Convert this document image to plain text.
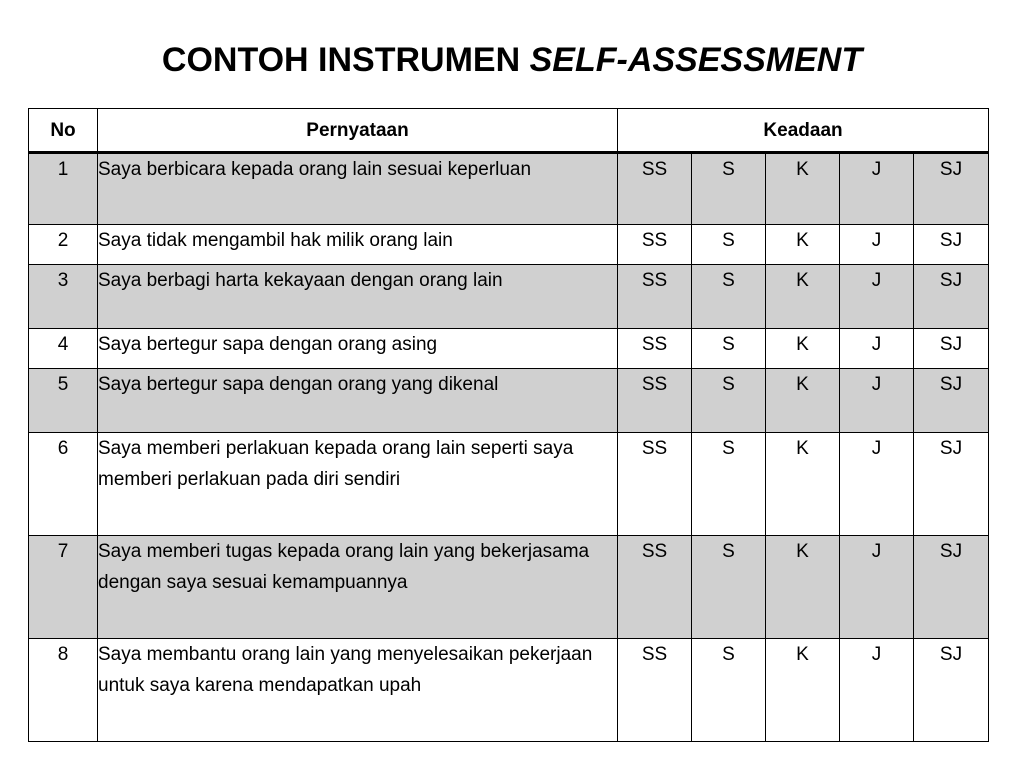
CONTOH INSTRUMEN SELF-ASSESSMENT
No	Pernyataan	Keadaan				
1	Saya berbicara kepada orang lain sesuai keperluan	SS	S	K	J	SJ
2	Saya tidak mengambil hak milik orang lain	SS	S	K	J	SJ
3	Saya berbagi harta kekayaan dengan orang lain	SS	S	K	J	SJ
4	Saya bertegur sapa dengan orang asing	SS	S	K	J	SJ
5	Saya bertegur sapa dengan orang yang dikenal	SS	S	K	J	SJ
6	Saya memberi perlakuan kepada orang lain seperti saya memberi perlakuan pada diri sendiri	SS	S	K	J	SJ
7	Saya memberi tugas kepada orang lain yang bekerjasama dengan saya sesuai kemampuannya	SS	S	K	J	SJ
8	Saya membantu orang lain yang menyelesaikan pekerjaan untuk saya karena mendapatkan upah	SS	S	K	J	SJ
